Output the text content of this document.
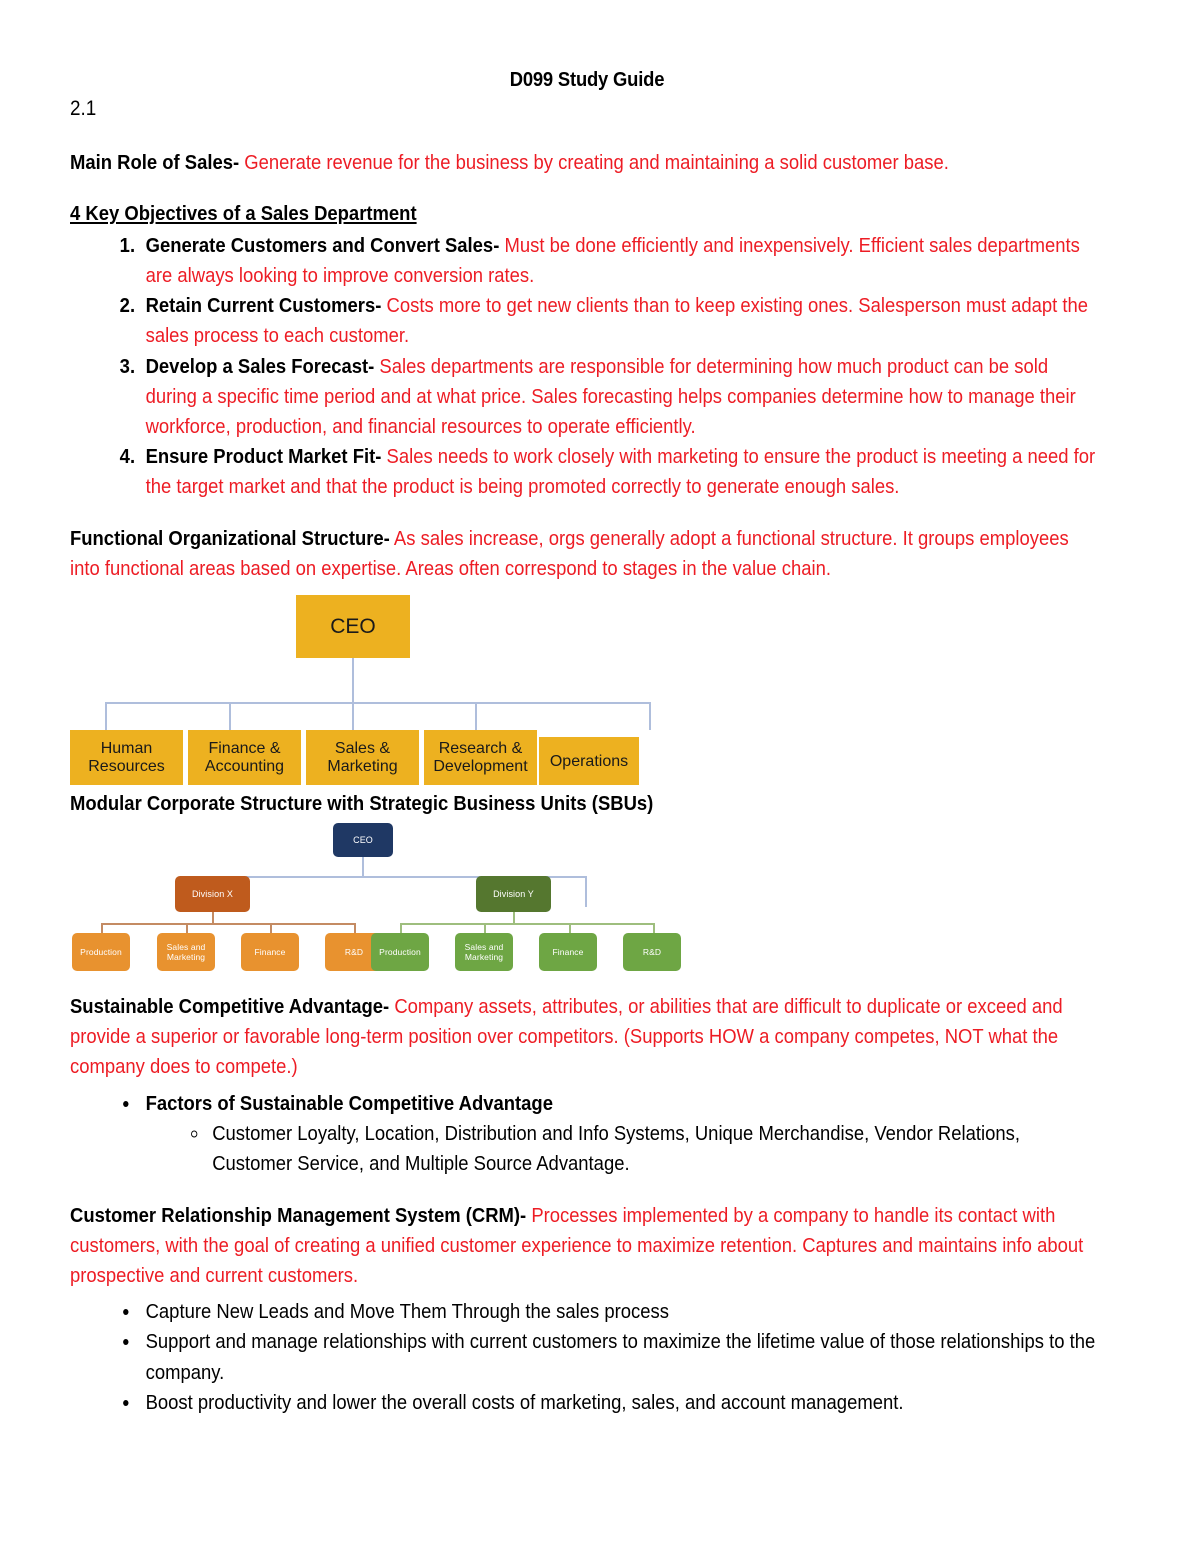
D099 Study Guide
2.1

Main Role of Sales- Generate revenue for the business by creating and maintaining a solid customer base.

4 Key Objectives of a Sales Department
1. Generate Customers and Convert Sales- Must be done efficiently and inexpensively. Efficient sales departments are always looking to improve conversion rates.
2. Retain Current Customers- Costs more to get new clients than to keep existing ones. Salesperson must adapt the sales process to each customer.
3. Develop a Sales Forecast- Sales departments are responsible for determining how much product can be sold during a specific time period and at what price. Sales forecasting helps companies determine how to manage their workforce, production, and financial resources to operate efficiently.
4. Ensure Product Market Fit- Sales needs to work closely with marketing to ensure the product is meeting a need for the target market and that the product is being promoted correctly to generate enough sales.

Functional Organizational Structure- As sales increase, orgs generally adopt a functional structure. It groups employees into functional areas based on expertise. Areas often correspond to stages in the value chain.

CEO
Human Resources
Finance & Accounting
Sales & Marketing
Research & Development	Operations
Modular Corporate Structure with Strategic Business Units (SBUs)
CEO
Division X	Division Y
Production	Sales and Marketing
Finance	R&D Production	Sales and Marketing
Finance	R&D

Sustainable Competitive Advantage- Company assets, attributes, or abilities that are difficult to duplicate or exceed and provide a superior or favorable long-term position over competitors. (Supports HOW a company competes, NOT what the company does to compete.)

• Factors of Sustainable Competitive Advantage
◦ Customer Loyalty, Location, Distribution and Info Systems, Unique Merchandise, Vendor Relations, Customer Service, and Multiple Source Advantage.

Customer Relationship Management System (CRM)- Processes implemented by a company to handle its contact with customers, with the goal of creating a unified customer experience to maximize retention. Captures and maintains info about prospective and current customers.

• Capture New Leads and Move Them Through the sales process
• Support and manage relationships with current customers to maximize the lifetime value of those relationships to the company.
• Boost productivity and lower the overall costs of marketing, sales, and account management.
